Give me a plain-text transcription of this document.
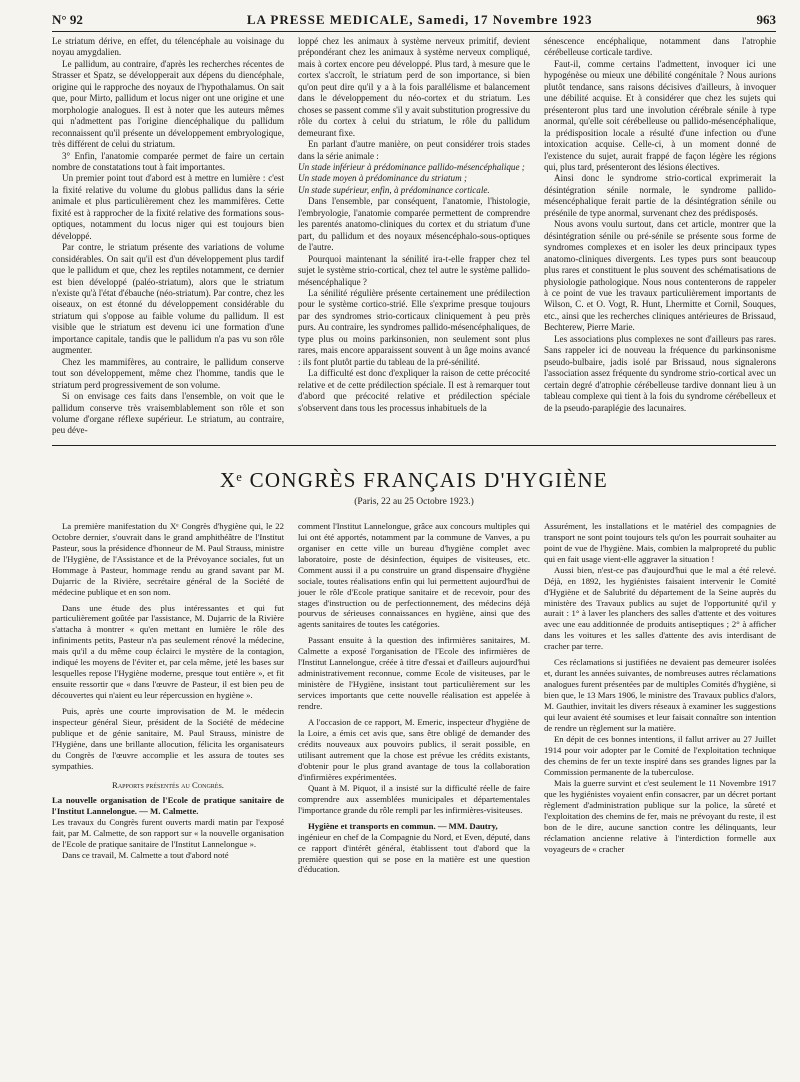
N° 92	LA PRESSE MEDICALE, Samedi, 17 Novembre 1923	963

Le striatum dérive, en effet, du télencéphale au voisinage du noyau amygdalien.

Le pallidum, au contraire, d'après les recherches récentes de Strasser et Spatz, se développerait aux dépens du diencéphale, origine qui le rapproche des noyaux de l'hypothalamus. On sait que, pour Mirto, pallidum et locus niger ont une origine et une morphologie analogues. Il est à noter que les auteurs mêmes qui n'admettent pas l'origine diencéphalique du pallidum reconnaissent qu'il présente un développement embryologique, très différent de celui du striatum.

3° Enfin, l'anatomie comparée permet de faire un certain nombre de constatations tout à fait importantes.

Un premier point tout d'abord est à mettre en lumière : c'est la fixité relative du volume du globus pallidus dans la série animale et plus particulièrement chez les mammifères. Cette fixité est à rapprocher de la fixité relative des formations sous-optiques, notamment du locus niger qui est toujours bien développé.

Par contre, le striatum présente des variations de volume considérables. On sait qu'il est d'un développement plus tardif que le pallidum et que, chez les reptiles notamment, ce dernier est bien développé (paléo-striatum), alors que le striatum n'existe qu'à l'état d'ébauche (néo-striatum). Par contre, chez les oiseaux, on est étonné du développement considérable du striatum qui s'oppose au faible volume du pallidum. Il est visible que le striatum est devenu ici une formation d'une importance capitale, tandis que le pallidum n'a pas vu son rôle augmenter.

Chez les mammifères, au contraire, le pallidum conserve tout son développement, même chez l'homme, tandis que le striatum perd progressivement de son volume.

Si on envisage ces faits dans l'ensemble, on voit que le pallidum conserve très vraisemblablement son rôle et son volume d'organe réflexe supérieur. Le striatum, au contraire, peu déve-

loppé chez les animaux à système nerveux primitif, devient prépondérant chez les animaux à système nerveux compliqué, mais à cortex encore peu développé. Plus tard, à mesure que le cortex s'accroît, le striatum perd de son importance, si bien qu'on peut dire qu'il y a à la fois parallélisme et balancement dans le développement du néo-cortex et du striatum. Les choses se passent comme s'il y avait substitution progressive du rôle du cortex à celui du striatum, le rôle du pallidum demeurant fixe.

En parlant d'autre manière, on peut considérer trois stades dans la série animale :

Un stade inférieur à prédominance pallido-mésencéphalique ;

Un stade moyen à prédominance du striatum ;

Un stade supérieur, enfin, à prédominance corticale.

Dans l'ensemble, par conséquent, l'anatomie, l'histologie, l'embryologie, l'anatomie comparée permettent de comprendre les parentés anatomo-cliniques du cortex et du striatum d'une part, du pallidum et des noyaux mésencéphalo-sous-optiques de l'autre.

Pourquoi maintenant la sénilité ira-t-elle frapper chez tel sujet le système strio-cortical, chez tel autre le système pallido-mésencéphalique ?

La sénilité régulière présente certainement une prédilection pour le système cortico-strié. Elle s'exprime presque toujours par des syndromes strio-corticaux cliniquement à peu près purs. Au contraire, les syndromes pallido-mésencéphaliques, de type plus ou moins parkinsonien, non seulement sont plus rares, mais encore apparaissent souvent à un âge moins avancé : ils font plutôt partie du tableau de la pré-sénilité.

La difficulté est donc d'expliquer la raison de cette précocité relative et de cette prédilection spéciale. Il est à remarquer tout d'abord que précocité relative et prédilection spéciale s'observent dans tous les processus inhabituels de la

sénescence encéphalique, notamment dans l'atrophie cérébelleuse corticale tardive.

Faut-il, comme certains l'admettent, invoquer ici une hypogénèse ou mieux une débilité congénitale ? Nous aurions plutôt tendance, sans raisons décisives d'ailleurs, à invoquer une débilité acquise. Et à considérer que chez les sujets qui présenteront plus tard une involution cérébrale sénile à type anormal, qu'elle soit cérébelleuse ou pallido-mésencéphalique, la prédisposition locale a résulté d'une infection ou d'une intoxication acquise. Celle-ci, à un moment donné de l'existence du sujet, aurait frappé de façon légère les régions qui, plus tard, présenteront des lésions électives.

Ainsi donc le syndrome strio-cortical exprimerait la désintégration sénile normale, le syndrome pallido-mésencéphalique ferait partie de la désintégration sénile ou présénile de type anormal, survenant chez des prédisposés.

Nous avons voulu surtout, dans cet article, montrer que la désintégration sénile ou pré-sénile se présente sous forme de syndromes complexes et en isoler les deux principaux types anatomo-cliniques divergents. Les types purs sont beaucoup plus rares et constituent le plus souvent des schématisations de physiologie pathologique. Nous nous contenterons de rappeler à ce point de vue les travaux particulièrement importants de Wilson, C. et O. Vogt, R. Hunt, Lhermitte et Cornil, Souques, etc., ainsi que les recherches cliniques antérieures de Brissaud, Bechterew, Pierre Marie.

Les associations plus complexes ne sont d'ailleurs pas rares. Sans rappeler ici de nouveau la fréquence du parkinsonisme pseudo-bulbaire, jadis isolé par Brissaud, nous signalerons l'association assez fréquente du syndrome strio-cortical avec un certain degré d'atrophie cérébelleuse tardive donnant lieu à un tableau complexe qui tient à la fois du syndrome cérébelleux et de la pseudo-paraplégie des lacunaires.

Xᵉ CONGRÈS FRANÇAIS D'HYGIÈNE
(Paris, 22 au 25 Octobre 1923.)

La première manifestation du Xᵉ Congrès d'hygiène qui, le 22 Octobre dernier, s'ouvrait dans le grand amphithéâtre de l'Institut Pasteur, sous la présidence d'honneur de M. Paul Strauss, ministre de l'Hygiène, de l'Assistance et de la Prévoyance sociales, fut un Hommage à Pasteur, hommage rendu au grand savant par M. Dujarric de la Rivière, secrétaire général de la Société de médecine publique et en son nom.

Dans une étude des plus intéressantes et qui fut particulièrement goûtée par l'assistance, M. Dujarric de la Rivière s'attacha à montrer « qu'en mettant en lumière le rôle des infiniments petits, Pasteur n'a pas seulement rénové la médecine, mais qu'il a du même coup éclairci le mystère de la contagion, indiqué les moyens de l'éviter et, par cela même, jeté les bases sur lesquelles repose l'Hygiène moderne, presque tout entière », et fit ensuite ressortir que « dans l'œuvre de Pasteur, il est bien peu de découvertes qui n'aient eu leur répercussion en hygiène ».

Puis, après une courte improvisation de M. le médecin inspecteur général Sieur, président de la Société de médecine publique et de génie sanitaire, M. Paul Strauss, ministre de l'Hygiène, dans une brillante allocution, félicita les organisateurs du Congrès de l'œuvre accomplie et les assura de toutes ses sympathies.

Rapports présentés au Congrès.

La nouvelle organisation de l'Ecole de pratique sanitaire de l'Institut Lannelongue. — M. Calmette.

Les travaux du Congrès furent ouverts mardi matin par l'exposé fait, par M. Calmette, de son rapport sur « la nouvelle organisation de l'Ecole de pratique sanitaire de l'Institut Lannelongue ».

Dans ce travail, M. Calmette a tout d'abord noté

comment l'Institut Lannelongue, grâce aux concours multiples qui lui ont été apportés, notamment par la commune de Vanves, a pu organiser en cette ville un bureau d'hygiène complet avec laboratoire, poste de désinfection, équipes de visiteuses, etc. Comment aussi il a pu construire un grand dispensaire d'hygiène sociale, toutes réalisations enfin qui lui permettent aujourd'hui de jouer le rôle d'Ecole pratique sanitaire et de recevoir, pour des stages d'instruction ou de perfectionnement, des médecins déjà pourvus de sérieuses connaissances en hygiène, ainsi que des agents sanitaires de toutes les catégories.

Passant ensuite à la question des infirmières sanitaires, M. Calmette a exposé l'organisation de l'Ecole des infirmières de l'Institut Lannelongue, créée à titre d'essai et d'ailleurs aujourd'hui administrativement reconnue, comme Ecole de visiteuses, par le ministère de l'Hygiène, insistant tout particulièrement sur les services importants que cette nouvelle réalisation est appelée à rendre.

A l'occasion de ce rapport, M. Emeric, inspecteur d'hygiène de la Loire, a émis cet avis que, sans être obligé de demander des crédits nouveaux aux pouvoirs publics, il serait possible, en utilisant autrement que la chose est prévue les crédits existants, d'obtenir pour le plus grand avantage de tous la collaboration d'infirmières expérimentées.

Quant à M. Piquot, il a insisté sur la difficulté réelle de faire comprendre aux assemblées municipales et départementales l'importance grande du rôle rempli par les infirmières-visiteuses.

Hygiène et transports en commun. — MM. Dautry,

ingénieur en chef de la Compagnie du Nord, et Even, député, dans ce rapport d'intérêt général, établissent tout d'abord que la première question qui se pose en la matière est une question d'éducation.

Assurément, les installations et le matériel des compagnies de transport ne sont point toujours tels qu'on les pourrait souhaiter au point de vue de l'hygiène. Mais, combien la malpropreté du public qui en fait usage vient-elle aggraver la situation !

Aussi bien, n'est-ce pas d'aujourd'hui que le mal a été relevé. Déjà, en 1892, les hygiénistes faisaient intervenir le Comité d'Hygiène et de Salubrité du département de la Seine auprès du ministère des Travaux publics au sujet de l'opportunité qu'il y aurait : 1° à laver les planchers des salles d'attente et des voitures avec une eau additionnée de produits antiseptiques ; 2° à afficher dans les voitures et les salles d'attente des avis interdisant de cracher par terre.

Ces réclamations si justifiées ne devaient pas demeurer isolées et, durant les années suivantes, de nombreuses autres réclamations analogues furent présentées par de multiples Comités d'hygiène, si bien que, le 13 Mars 1906, le ministre des Travaux publics d'alors, M. Gauthier, invitait les divers réseaux à examiner les suggestions qui leur avaient été soumises et leur faisait connaître son intention de rendre un règlement sur la matière.

En dépit de ces bonnes intentions, il fallut arriver au 27 Juillet 1914 pour voir adopter par le Comité de l'exploitation technique des chemins de fer un texte inspiré dans ses grandes lignes par la Commission permanente de la tuberculose.

Mais la guerre survint et c'est seulement le 11 Novembre 1917 que les hygiénistes voyaient enfin consacrer, par un décret portant règlement d'administration publique sur la police, la sûreté et l'exploitation des chemins de fer, mais ne prévoyant du reste, il est bon de le dire, aucune sanction contre les délinquants, leur réclamation ancienne relative à l'interdiction formelle aux voyageurs de « cracher
